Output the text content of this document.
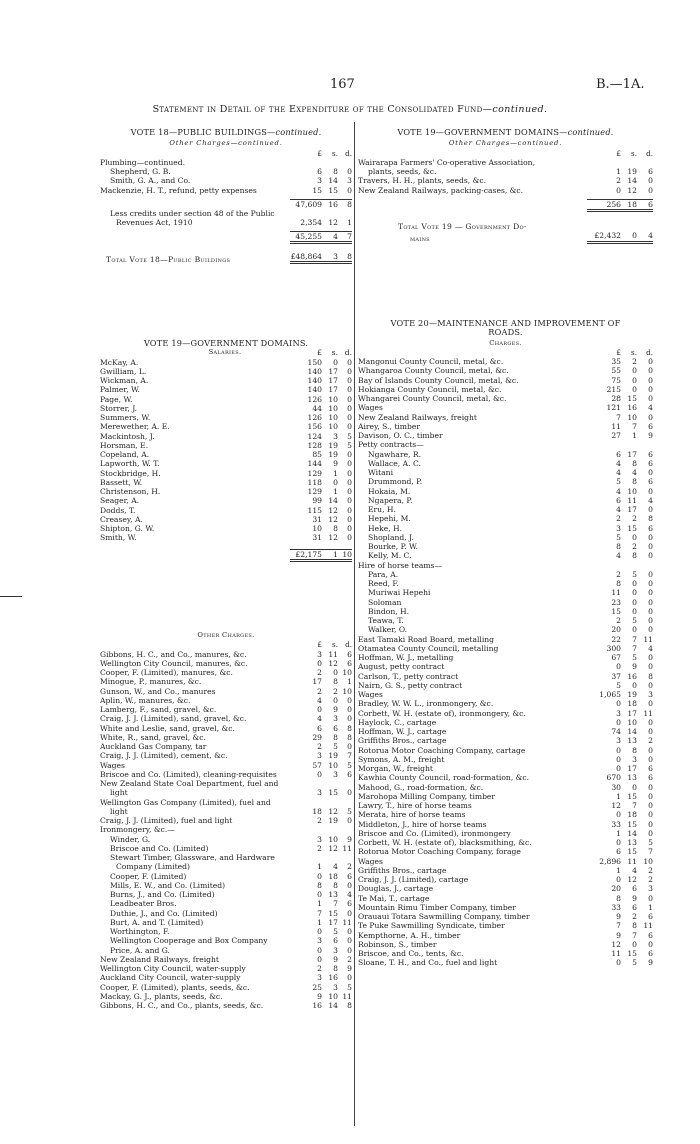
167	B.—1A.
Statement in Detail of the Expenditure of the Consolidated Fund—continued.
VOTE 18—PUBLIC BUILDINGS—continued.
Other Charges—continued.
£	s. d.
Plumbing—continued.
Shepherd, G. B.	6	8	0
Smith, G. A., and Co.	3 14	3
Mackenzie, H. T., refund, petty expenses	15 15	0
47,609 16	8
Less credits under section 48 of the Public
Revenues Act, 1910	2,354 12	1
45,255	4	7
Total Vote 18—Public Buildings	£48,864	3	8
VOTE 19—GOVERNMENT DOMAINS.
Salaries.	£	s. d.
McKay, A.	150	0	0
Gwilliam, L.	140 17	0
Wickman, A.	140 17	0
Palmer, W.	140 17	0
Page, W.	126 10	0
Storrer, J.	44 10	0
Summers, W.	126 10	0
Merewether, A. E.	156 10	0
Mackintosh, J.	124	3	5
Horsman, E.	128 19	5
Copeland, A.	85 19	0
Lapworth, W. T.	144	9	0
Stockbridge, H.	129	1	0
Bassett, W.	118	0	0
Christenson, H.	129	1	0
Seager, A.	99 14	0
Dodds, T.	115 12	0
Creasey, A.	31 12	0
Shipton, G. W.	10	8	0
Smith, W.	31 12	0
£2,175	1 10
Other Charges.
£	s. d.
Gibbons, H. C., and Co., manures, &c.	3 11	6
Wellington City Council, manures, &c.	0 12	6
Cooper, F. (Limited), manures, &c.	2	0 10
Minogue, P., manures, &c.	17	8	1
Gunson, W., and Co., manures	2	2 10
Aplin, W., manures, &c.	4	0	0
Lamberg, F., sand, gravel, &c.	0	9	0
Craig, J. J. (Limited), sand, gravel, &c.	4	3	0
White and Leslie, sand, gravel, &c.	6	6	8
White, R., sand, gravel, &c.	29	8	8
Auckland Gas Company, tar	2	5	0
Craig, J. J. (Limited), cement, &c.	3 19	7
Wages	57 10	5
Briscoe and Co. (Limited), cleaning-requisites	0	3	6
New Zealand State Coal Department, fuel and
light	3 15	0
Wellington Gas Company (Limited), fuel and
light	18 12	5
Craig, J. J. (Limited), fuel and light	2 19	0
Ironmongery, &c.—
Winder, G.	3 10	9
Briscoe and Co. (Limited)	2 12 11
Stewart Timber, Glassware, and Hardware
Company (Limited)	1	4	2
Cooper, F. (Limited)	0 18	6
Mills, E. W., and Co. (Limited)	8	8	0
Burns, J., and Co. (Limited)	0 13	4
Leadbeater Bros.	1	7	6
Duthie, J., and Co. (Limited)	7 15	0
Burt, A. and T. (Limited)	1 17 11
Worthington, F.	0	5	0
Wellington Cooperage and Box Company	3	6	0
Price, A. and G.	0	3	0
New Zealand Railways, freight	0	9	2
Wellington City Council, water-supply	2	8	9
Auckland City Council, water-supply	3 16	0
Cooper, F. (Limited), plants, seeds, &c.	25	3	5
Mackay, G. J., plants, seeds, &c.	9 10 11
Gibbons, H. C., and Co., plants, seeds, &c.	16 14	8
VOTE 19—GOVERNMENT DOMAINS—continued.
Other Charges—continued.
£	s.	d.
Wairarapa Farmers' Co-operative Association,
plants, seeds, &c.	1 19	6
Travers, H. H., plants, seeds, &c.	2 14	0
New Zealand Railways, packing-cases, &c.	0 12	0
256 18	6
Total Vote 19 — Government Do-
mains	£2,432	0	4
VOTE 20—MAINTENANCE AND IMPROVEMENT OF
ROADS.
Charges.
£	s.	d.
Mangonui County Council, metal, &c.	35	2	0
Whangaroa County Council, metal, &c.	55	0	0
Bay of Islands County Council, metal, &c.	75	0	0
Hokianga County Council, metal, &c.	215	0	0
Whangarei County Council, metal, &c.	28 15	0
Wages	121 16	4
New Zealand Railways, freight	7 10	0
Airey, S., timber	11	7	6
Davison, O. C., timber	27	1	9
Petty contracts—
Ngawhare, R.	6 17	6
Wallace, A. C.	4	8	6
Witani	4	4	0
Drummond, P.	5	8	6
Hokaia, M.	4 10	0
Ngapera, P.	6 11	4
Eru, H.	4 17	0
Hepehi, M.	2	2	8
Heke, H.	3 15	6
Shopland, J.	5	0	0
Bourke, P. W.	8	2	0
Kelly, M. C.	4	8	0
Hire of horse teams—
Para, A.	2	5	0
Reed, F.	8	0	0
Muriwai Hepehi	11	0	0
Soloman	23	0	0
Bindon, H.	15	0	0
Teawa, T.	2	5	0
Walker, O.	20	0	0
East Tamaki Road Board, metalling	22	7 11
Otamatea County Council, metalling	300	7	4
Hoffman, W. J., metalling	67	5	0
August, petty contract	0	9	0
Carlson, T., petty contract	37 16	8
Nairn, G. S., petty contract	5	0	0
Wages	1,065 19	3
Bradley, W. W. L., ironmongery, &c.	0 18	0
Corbett, W. H. (estate of), ironmongery, &c.	3 17 11
Haylock, C., cartage	0 10	0
Hoffman, W. J., cartage	74 14	0
Griffiths Bros., cartage	3 13	2
Rotorua Motor Coaching Company, cartage	0	8	0
Symons, A. M., freight	0	3	0
Morgan, W., freight	0 17	6
Kawhia County Council, road-formation, &c.	670 13	6
Mahood, G., road-formation, &c.	30	0	0
Marohopa Milling Company, timber	1 15	0
Lawry, T., hire of horse teams	12	7	0
Merata, hire of horse teams	0 18	0
Middleton, J., hire of horse teams	33 15	0
Briscoe and Co. (Limited), ironmongery	1 14	0
Corbett, W. H. (estate of), blacksmithing, &c.	0 13	5
Rotorua Motor Coaching Company, forage	6 15	7
Wages	2,896 11 10
Griffiths Bros., cartage	1	4	2
Craig, J. J. (Limited), cartage	0 12	2
Douglas, J., cartage	20	6	3
Te Mai, T., cartage	8	9	0
Mountain Rimu Timber Company, timber	33	6	1
Orauaui Totara Sawmilling Company, timber	9	2	6
Te Puke Sawmilling Syndicate, timber	7	8 11
Kempthorne, A. H., timber	9	7	6
Robinson, S., timber	12	0	0
Briscoe, and Co., tents, &c.	11 15	6
Sloane, T. H., and Co., fuel and light	0	5	9
